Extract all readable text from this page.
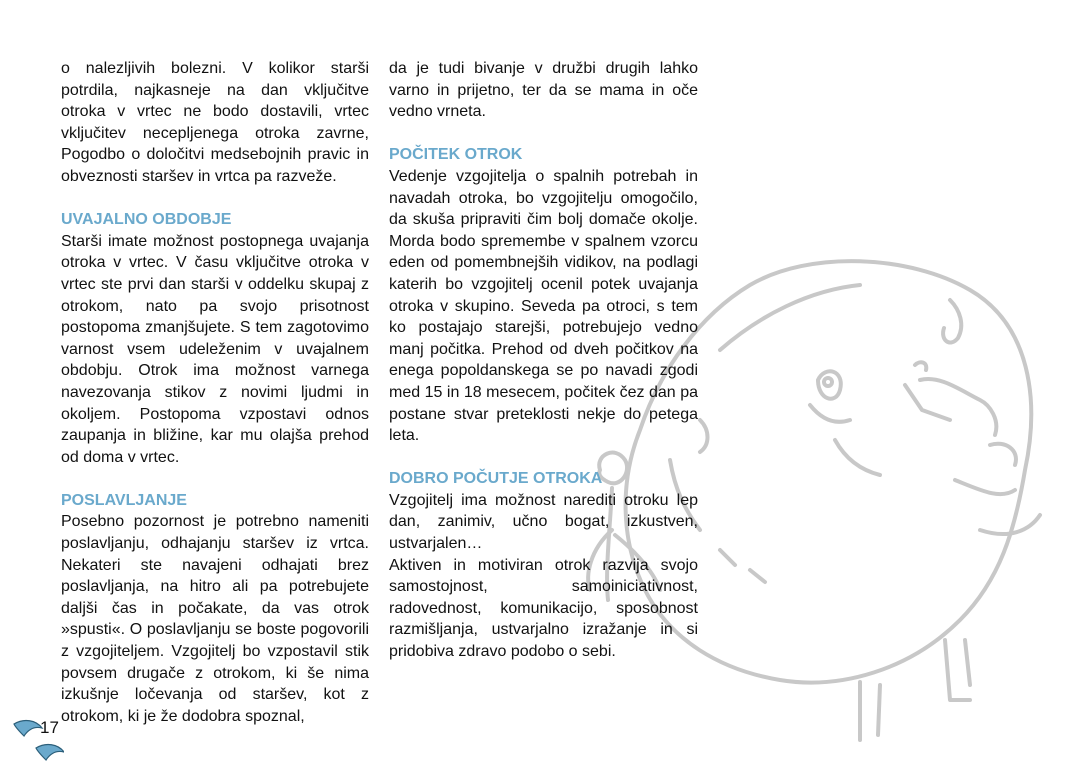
o nalezljivih bolezni. V kolikor starši potrdila, najkasneje na dan vključitve otroka v vrtec ne bodo dostavili, vrtec vključitev necepljenega otroka zavrne, Pogodbo o določitvi medsebojnih pravic in obveznosti staršev in vrtca pa razveže.

UVAJALNO OBDOBJE

Starši imate možnost postopnega uvajanja otroka v vrtec. V času vključitve otroka v vrtec ste prvi dan starši v oddelku skupaj z otrokom, nato pa svojo prisotnost postopoma zmanjšujete. S tem zagotovimo varnost vsem udeleženim v uvajalnem obdobju. Otrok ima možnost varnega navezovanja stikov z novimi ljudmi in okoljem. Postopoma vzpostavi odnos zaupanja in bližine, kar mu olajša prehod od doma v vrtec.

POSLAVLJANJE

Posebno pozornost je potrebno nameniti poslavljanju, odhajanju staršev iz vrtca. Nekateri ste navajeni odhajati brez poslavljanja, na hitro ali pa potrebujete daljši čas in počakate, da vas otrok »spusti«. O poslavljanju se boste pogovorili z vzgojiteljem. Vzgojitelj bo vzpostavil stik povsem drugače z otrokom, ki še nima izkušnje ločevanja od staršev, kot z otrokom, ki je že dodobra spoznal,

da je tudi bivanje v družbi drugih lahko varno in prijetno, ter da se mama in oče vedno vrneta.

POČITEK OTROK

Vedenje vzgojitelja o spalnih potrebah in navadah otroka, bo vzgojitelju omogočilo, da skuša pripraviti čim bolj domače okolje. Morda bodo spremembe v spalnem vzorcu eden od pomembnejših vidikov, na podlagi katerih bo vzgojitelj ocenil potek uvajanja otroka v skupino. Seveda pa otroci, s tem ko postajajo starejši, potrebujejo vedno manj počitka. Prehod od dveh počitkov na enega popoldanskega se po navadi zgodi med 15 in 18 mesecem, počitek čez dan pa postane stvar preteklosti nekje do petega leta.

DOBRO POČUTJE OTROKA

Vzgojitelj ima možnost narediti otroku lep dan, zanimiv, učno bogat, izkustven, ustvarjalen…

Aktiven in motiviran otrok razvija svojo samostojnost, samoiniciativnost, radovednost, komunikacijo, sposobnost razmišljanja, ustvarjalno izražanje in si pridobiva zdravo podobo o sebi.

17
